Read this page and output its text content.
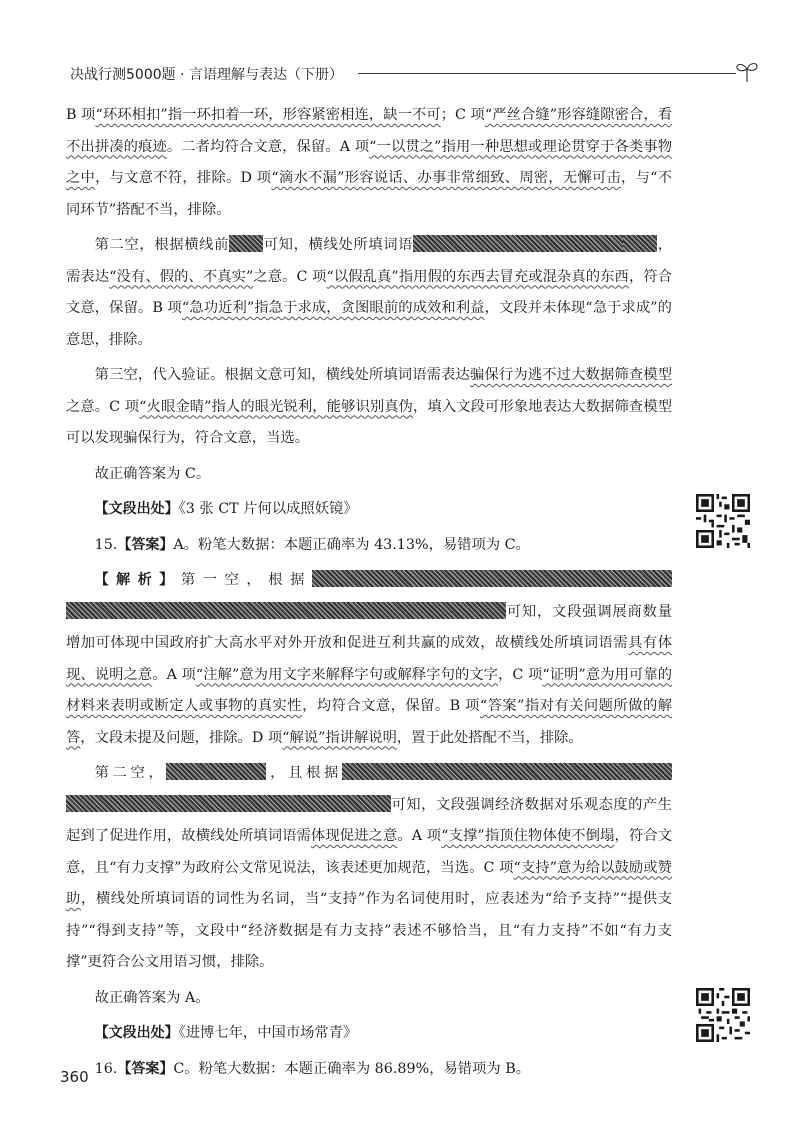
决战行测5000题 · 言语理解与表达（下册）

B 项“环环相扣”指一环扣着一环，形容紧密相连，缺一不可；C 项“严丝合缝”形容缝隙密合，看不出拼凑的痕迹。二者均符合文意，保留。A 项“一以贯之”指用一种思想或理论贯穿于各类事物之中，与文意不符，排除。D 项“滴水不漏”形容说话、办事非常细致、周密，无懈可击，与“不同环节”搭配不当，排除。

第二空，根据横线前 可知，横线处所填词语	，需表达“没有、假的、不真实”之意。C 项“以假乱真”指用假的东西去冒充或混杂真的东西，符合文意，保留。B 项“急功近利”指急于求成，贪图眼前的成效和利益，文段并未体现“急于求成”的意思，排除。

第三空，代入验证。根据文意可知，横线处所填词语需表达骗保行为逃不过大数据筛查模型之意。C 项“火眼金睛”指人的眼光锐利，能够识别真伪，填入文段可形象地表达大数据筛查模型可以发现骗保行为，符合文意，当选。

故正确答案为 C。

【文段出处】《3 张 CT 片何以成照妖镜》

15.【答案】A。粉笔大数据：本题正确率为 43.13%，易错项为 C。

【解析】第一空，根据可知，文段强调展商数量增加可体现中国政府扩大高水平对外开放和促进互利共赢的成效，故横线处所填词语需具有体现、说明之意。A 项“注解”意为用文字来解释字句或解释字句的文字，C 项“证明”意为用可靠的材料来表明或断定人或事物的真实性，均符合文意，保留。B 项“答案”指对有关问题所做的解答，文段未提及问题，排除。D 项“解说”指讲解说明，置于此处搭配不当，排除。

第二空，	，且根据可知，文段强调经济数据对乐观态度的产生起到了促进作用，故横线处所填词语需体现促进之意。A 项“支撑”指顶住物体使不倒塌，符合文意，且“有力支撑”为政府公文常见说法，该表述更加规范，当选。C 项“支持”意为给以鼓励或赞助，横线处所填词语的词性为名词，当“支持”作为名词使用时，应表述为“给予支持”“提供支持”“得到支持”等，文段中“经济数据是有力支持”表述不够恰当，且“有力支持”不如“有力支撑”更符合公文用语习惯，排除。

故正确答案为 A。

【文段出处】《进博七年，中国市场常青》

16.【答案】C。粉笔大数据：本题正确率为 86.89%，易错项为 B。

360
